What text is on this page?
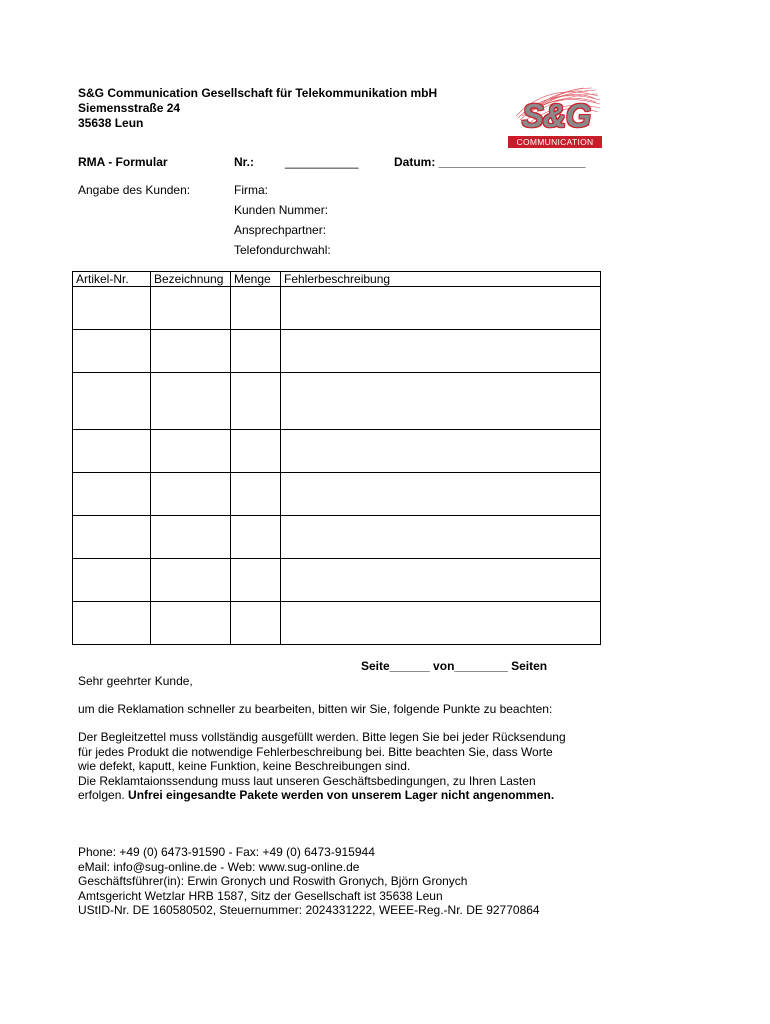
S&G Communication Gesellschaft für Telekommunikation mbH
Siemensstraße 24
35638 Leun	S&G
COMMUNICATION
RMA - Formular	Nr.:	___________	Datum: ______________________
Angabe des Kunden:	Firma:
Kunden Nummer:
Ansprechpartner:
Telefondurchwahl:
Artikel-Nr.	Bezeichnung	Menge	Fehlerbeschreibung

Seite______ von________ Seiten
Sehr geehrter Kunde,
um die Reklamation schneller zu bearbeiten, bitten wir Sie, folgende Punkte zu beachten:
Der Begleitzettel muss vollständig ausgefüllt werden. Bitte legen Sie bei jeder Rücksendung
für jedes Produkt die notwendige Fehlerbeschreibung bei. Bitte beachten Sie, dass Worte
wie defekt, kaputt, keine Funktion, keine Beschreibungen sind.
Die Reklamtaionssendung muss laut unseren Geschäftsbedingungen, zu Ihren Lasten
erfolgen. Unfrei eingesandte Pakete werden von unserem Lager nicht angenommen.
Phone: +49 (0) 6473-91590 - Fax: +49 (0) 6473-915944
eMail: info@sug-online.de - Web: www.sug-online.de
Geschäftsführer(in): Erwin Gronych und Roswith Gronych, Björn Gronych
Amtsgericht Wetzlar HRB 1587, Sitz der Gesellschaft ist 35638 Leun
UStID-Nr. DE 160580502, Steuernummer: 2024331222, WEEE-Reg.-Nr. DE 92770864
